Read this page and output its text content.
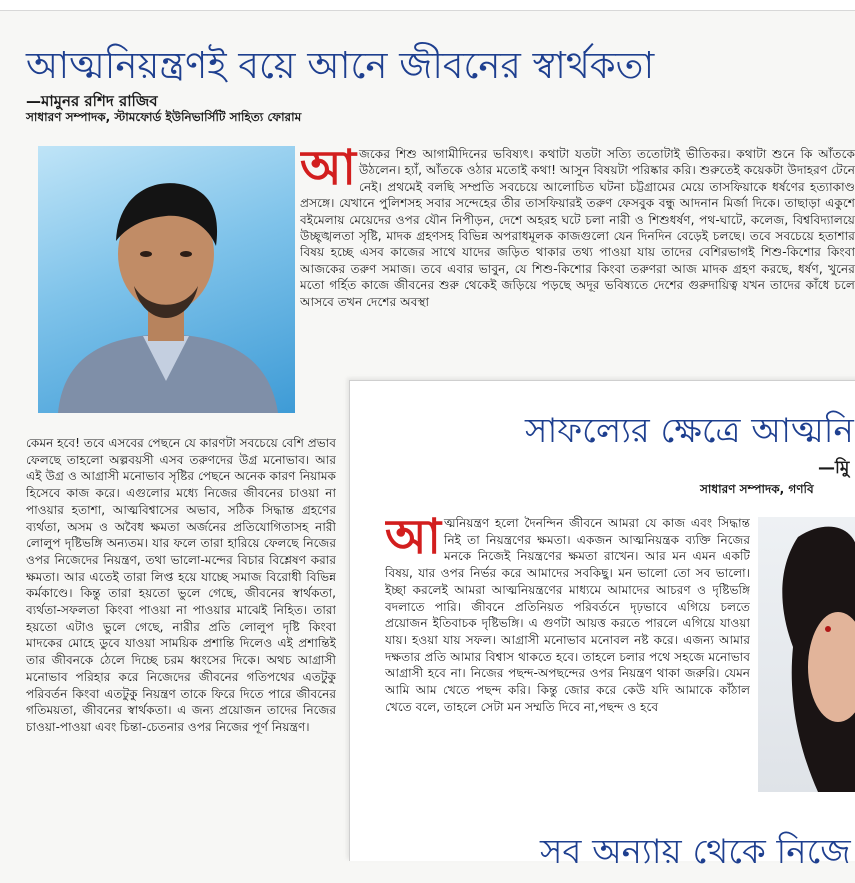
আত্মনিয়ন্ত্রণই বয়ে আনে জীবনের স্বার্থকতা
—মামুনর রশিদ রাজিব
সাধারণ সম্পাদক, স্টামফোর্ড ইউনিভার্সিটি সাহিত্য ফোরাম

আজকের শিশু আগামীদিনের ভবিষ্যৎ। কথাটা যতটা সত্যি ততোটাই ভীতিকর। কথাটা শুনে কি আঁতকে উঠলেন। হ্যাঁ, আঁতকে ওঠার মতোই কথা! আসুন বিষয়টা পরিষ্কার করি। শুরুতেই কয়েকটা উদাহরণ টেনে নেই। প্রথমেই বলছি সম্প্রতি সবচেয়ে আলোচিত ঘটনা চট্টগ্রামের মেয়ে তাসফিয়াকে ধর্ষণের হত্যাকাণ্ড প্রসঙ্গে। যেখানে পুলিশসহ সবার সন্দেহের তীর তাসফিয়ারই তরুণ ফেসবুক বন্ধু আদনান মির্জা দিকে। তাছাড়া একুশে বইমেলায় মেয়েদের ওপর যৌন নিপীড়ন, দেশে অহরহ ঘটে চলা নারী ও শিশুধর্ষণ, পথ-ঘাটে, কলেজ, বিশ্ববিদ্যালয়ে উচ্ছৃঙ্খলতা সৃষ্টি, মাদক গ্রহণসহ বিভিন্ন অপরাধমূলক কাজগুলো যেন দিনদিন বেড়েই চলছে। তবে সবচেয়ে হতাশার বিষয় হচ্ছে এসব কাজের সাথে যাদের জড়িত থাকার তথ্য পাওয়া যায় তাদের বেশিরভাগই শিশু-কিশোর কিংবা আজকের তরুণ সমাজ। তবে এবার ভাবুন, যে শিশু-কিশোর কিংবা তরুণরা আজ মাদক গ্রহণ করছে, ধর্ষণ, খুনের মতো গর্হিত কাজে জীবনের শুরু থেকেই জড়িয়ে পড়ছে অদূর ভবিষ্যতে দেশের গুরুদায়িত্ব যখন তাদের কাঁধে চলে আসবে তখন দেশের অবস্থা

কেমন হবে! তবে এসবের পেছনে যে কারণটা সবচেয়ে বেশি প্রভাব ফেলছে তাহলো অল্পবয়সী এসব তরুণদের উগ্র মনোভাব। আর এই উগ্র ও আগ্রাসী মনোভাব সৃষ্টির পেছনে অনেক কারণ নিয়ামক হিসেবে কাজ করে। এগুলোর মধ্যে নিজের জীবনের চাওয়া না পাওয়ার হতাশা, আত্মবিশ্বাসের অভাব, সঠিক সিদ্ধান্ত গ্রহণের ব্যর্থতা, অসম ও অবৈধ ক্ষমতা অর্জনের প্রতিযোগিতাসহ নারী লোলুপ দৃষ্টিভঙ্গি অন্যতম। যার ফলে তারা হারিয়ে ফেলছে নিজের ওপর নিজেদের নিয়ন্ত্রণ, তথা ভালো-মন্দের বিচার বিশ্লেষণ করার ক্ষমতা। আর এতেই তারা লিপ্ত হয়ে যাচ্ছে সমাজ বিরোধী বিভিন্ন কর্মকাণ্ডে। কিন্তু তারা হয়তো ভুলে গেছে, জীবনের স্বার্থকতা, ব্যর্থতা-সফলতা কিংবা পাওয়া না পাওয়ার মাঝেই নিহিত। তারা হয়তো এটাও ভুলে গেছে, নারীর প্রতি লোলুপ দৃষ্টি কিংবা মাদকের মোহে ডুবে যাওয়া সাময়িক প্রশান্তি দিলেও এই প্রশান্তিই তার জীবনকে ঠেলে দিচ্ছে চরম ধ্বংসের দিকে। অথচ আগ্রাসী মনোভাব পরিহার করে নিজেদের জীবনের গতিপথের এতটুকু পরিবর্তন কিংবা এতটুকু নিয়ন্ত্রণ তাকে ফিরে দিতে পারে জীবনের গতিময়তা, জীবনের স্বার্থকতা। এ জন্য প্রয়োজন তাদের নিজের চাওয়া-পাওয়া এবং চিন্তা-চেতনার ওপর নিজের পূর্ণ নিয়ন্ত্রণ।

সাফল্যের ক্ষেত্রে আত্মনি
—মুি
সাধারণ সম্পাদক, গণবি

আত্মনিয়ন্ত্রণ হলো দৈনন্দিন জীবনে আমরা যে কাজ এবং সিদ্ধান্ত নিই তা নিয়ন্ত্রণের ক্ষমতা। একজন আত্মনিয়ন্ত্রক ব্যক্তি নিজের মনকে নিজেই নিয়ন্ত্রণের ক্ষমতা রাখেন। আর মন এমন একটি বিষয়, যার ওপর নির্ভর করে আমাদের সবকিছু। মন ভালো তো সব ভালো। ইচ্ছা করলেই আমরা আত্মনিয়ন্ত্রণের মাধ্যমে আমাদের আচরণ ও দৃষ্টিভঙ্গি বদলাতে পারি। জীবনে প্রতিনিয়ত পরিবর্তনে দৃঢ়ভাবে এগিয়ে চলতে প্রয়োজন ইতিবাচক দৃষ্টিভঙ্গি। এ গুণটা আয়ত্ত করতে পারলে এগিয়ে যাওয়া যায়। হওয়া যায় সফল। আগ্রাসী মনোভাব মনোবল নষ্ট করে। এজন্য আমার দক্ষতার প্রতি আমার বিশ্বাস থাকতে হবে। তাহলে চলার পথে সহজে মনোভাব আগ্রাসী হবে না। নিজের পছন্দ-অপছন্দের ওপর নিয়ন্ত্রণ থাকা জরুরি। যেমন আমি আম খেতে পছন্দ করি। কিন্তু জোর করে কেউ যদি আমাকে কাঁঠাল খেতে বলে, তাহলে সেটা মন সম্মতি দিবে না,পছন্দ ও হবে

সব অন্যায় থেকে নিজে
